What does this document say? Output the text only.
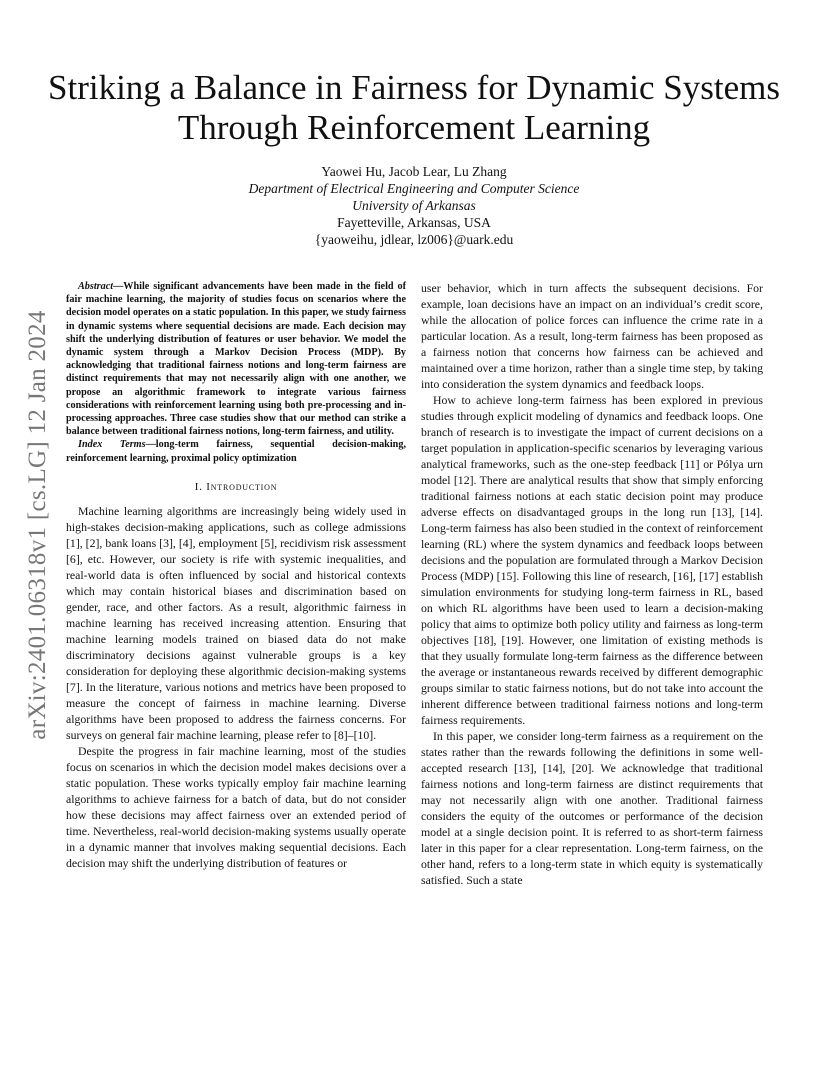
arXiv:2401.06318v1 [cs.LG] 12 Jan 2024
Striking a Balance in Fairness for Dynamic Systems
Through Reinforcement Learning
Yaowei Hu, Jacob Lear, Lu Zhang
Department of Electrical Engineering and Computer Science
University of Arkansas
Fayetteville, Arkansas, USA
{yaoweihu, jdlear, lz006}@uark.edu

Abstract—While significant advancements have been made in the field of fair machine learning, the majority of studies focus on scenarios where the decision model operates on a static population. In this paper, we study fairness in dynamic systems where sequential decisions are made. Each decision may shift the underlying distribution of features or user behavior. We model the dynamic system through a Markov Decision Process (MDP). By acknowledging that traditional fairness notions and long-term fairness are distinct requirements that may not necessarily align with one another, we propose an algorithmic framework to integrate various fairness considerations with reinforcement learning using both pre-processing and in-processing approaches. Three case studies show that our method can strike a balance between traditional fairness notions, long-term fairness, and utility.

Index Terms—long-term fairness, sequential decision-making, reinforcement learning, proximal policy optimization

I. Introduction

Machine learning algorithms are increasingly being widely used in high-stakes decision-making applications, such as college admissions [1], [2], bank loans [3], [4], employment [5], recidivism risk assessment [6], etc. However, our society is rife with systemic inequalities, and real-world data is often influenced by social and historical contexts which may contain historical biases and discrimination based on gender, race, and other factors. As a result, algorithmic fairness in machine learning has received increasing attention. Ensuring that machine learning models trained on biased data do not make discriminatory decisions against vulnerable groups is a key consideration for deploying these algorithmic decision-making systems [7]. In the literature, various notions and metrics have been proposed to measure the concept of fairness in machine learning. Diverse algorithms have been proposed to address the fairness concerns. For surveys on general fair machine learning, please refer to [8]–[10].

Despite the progress in fair machine learning, most of the studies focus on scenarios in which the decision model makes decisions over a static population. These works typically employ fair machine learning algorithms to achieve fairness for a batch of data, but do not consider how these decisions may affect fairness over an extended period of time. Nevertheless, real-world decision-making systems usually operate in a dynamic manner that involves making sequential decisions. Each decision may shift the underlying distribution of features or

user behavior, which in turn affects the subsequent decisions. For example, loan decisions have an impact on an individual’s credit score, while the allocation of police forces can influence the crime rate in a particular location. As a result, long-term fairness has been proposed as a fairness notion that concerns how fairness can be achieved and maintained over a time horizon, rather than a single time step, by taking into consideration the system dynamics and feedback loops.

How to achieve long-term fairness has been explored in previous studies through explicit modeling of dynamics and feedback loops. One branch of research is to investigate the impact of current decisions on a target population in application-specific scenarios by leveraging various analytical frameworks, such as the one-step feedback [11] or Pólya urn model [12]. There are analytical results that show that simply enforcing traditional fairness notions at each static decision point may produce adverse effects on disadvantaged groups in the long run [13], [14]. Long-term fairness has also been studied in the context of reinforcement learning (RL) where the system dynamics and feedback loops between decisions and the population are formulated through a Markov Decision Process (MDP) [15]. Following this line of research, [16], [17] establish simulation environments for studying long-term fairness in RL, based on which RL algorithms have been used to learn a decision-making policy that aims to optimize both policy utility and fairness as long-term objectives [18], [19]. However, one limitation of existing methods is that they usually formulate long-term fairness as the difference between the average or instantaneous rewards received by different demographic groups similar to static fairness notions, but do not take into account the inherent difference between traditional fairness notions and long-term fairness requirements.

In this paper, we consider long-term fairness as a requirement on the states rather than the rewards following the definitions in some well-accepted research [13], [14], [20]. We acknowledge that traditional fairness notions and long-term fairness are distinct requirements that may not necessarily align with one another. Traditional fairness considers the equity of the outcomes or performance of the decision model at a single decision point. It is referred to as short-term fairness later in this paper for a clear representation. Long-term fairness, on the other hand, refers to a long-term state in which equity is systematically satisfied. Such a state
